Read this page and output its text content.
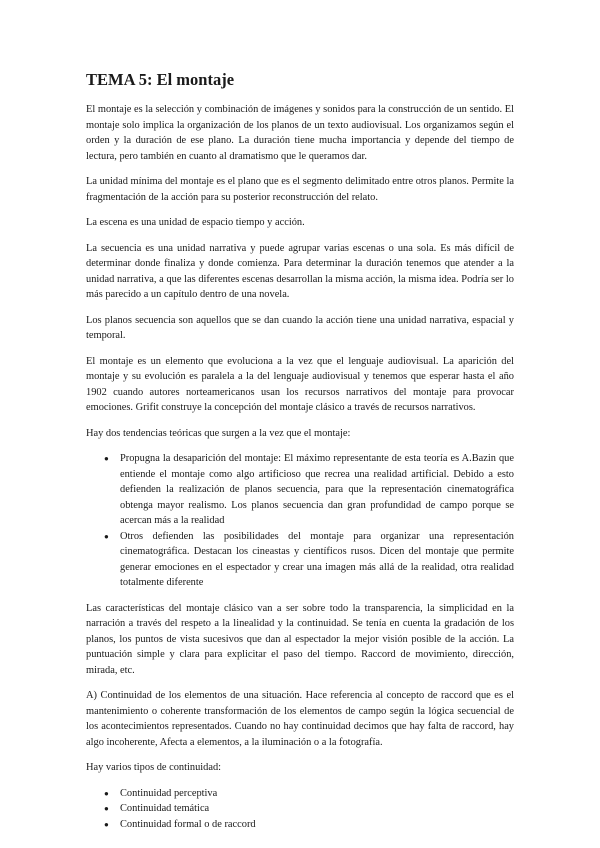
TEMA 5: El montaje

El montaje es la selección y combinación de imágenes y sonidos para la construcción de un sentido. El montaje solo implica la organización de los planos de un texto audiovisual. Los organizamos según el orden y la duración de ese plano. La duración tiene mucha importancia y depende del tiempo de lectura, pero también en cuanto al dramatismo que le queramos dar.

La unidad mínima del montaje es el plano que es el segmento delimitado entre otros planos. Permite la fragmentación de la acción para su posterior reconstrucción del relato.

La escena es una unidad de espacio tiempo y acción.

La secuencia es una unidad narrativa y puede agrupar varias escenas o una sola. Es más difícil de determinar donde finaliza y donde comienza. Para determinar la duración tenemos que atender a la unidad narrativa, a que las diferentes escenas desarrollan la misma acción, la misma idea. Podría ser lo más parecido a un capítulo dentro de una novela.

Los planos secuencia son aquellos que se dan cuando la acción tiene una unidad narrativa, espacial y temporal.

El montaje es un elemento que evoluciona a la vez que el lenguaje audiovisual. La aparición del montaje y su evolución es paralela a la del lenguaje audiovisual y tenemos que esperar hasta el año 1902 cuando autores norteamericanos usan los recursos narrativos del montaje para provocar emociones. Grifit construye la concepción del montaje clásico a través de recursos narrativos.

Hay dos tendencias teóricas que surgen a la vez que el montaje:

● Propugna la desaparición del montaje: El máximo representante de esta teoría es A.Bazin que entiende el montaje como algo artificioso que recrea una realidad artificial. Debido a esto defienden la realización de planos secuencia, para que la representación cinematográfica obtenga mayor realismo. Los planos secuencia dan gran profundidad de campo porque se acercan más a la realidad
● Otros defienden las posibilidades del montaje para organizar una representación cinematográfica. Destacan los cineastas y científicos rusos. Dicen del montaje que permite generar emociones en el espectador y crear una imagen más allá de la realidad, otra realidad totalmente diferente

Las características del montaje clásico van a ser sobre todo la transparencia, la simplicidad en la narración a través del respeto a la linealidad y la continuidad. Se tenía en cuenta la gradación de los planos, los puntos de vista sucesivos que dan al espectador la mejor visión posible de la acción. La puntuación simple y clara para explicitar el paso del tiempo. Raccord de movimiento, dirección, mirada, etc.

A) Continuidad de los elementos de una situación. Hace referencia al concepto de raccord que es el mantenimiento o coherente transformación de los elementos de campo según la lógica secuencial de los acontecimientos representados. Cuando no hay continuidad decimos que hay falta de raccord, hay algo incoherente, Afecta a elementos, a la iluminación o a la fotografía.

Hay varios tipos de continuidad:

● Continuidad perceptiva
● Continuidad temática
● Continuidad formal o de raccord
